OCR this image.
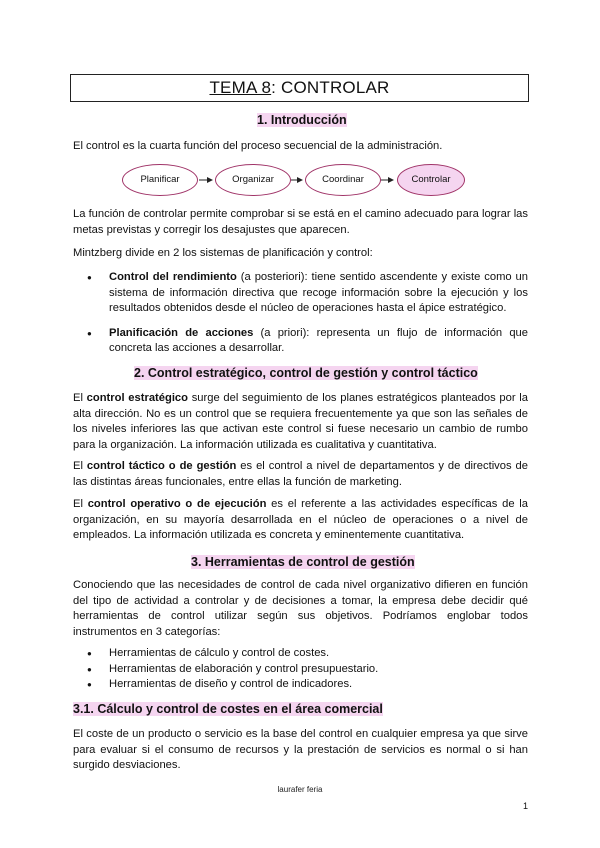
TEMA 8: CONTROLAR
1. Introducción
El control es la cuarta función del proceso secuencial de la administración.
Planificar	Organizar	Coordinar	Controlar
La función de controlar permite comprobar si se está en el camino adecuado para lograr las metas previstas y corregir los desajustes que aparecen.
Mintzberg divide en 2 los sistemas de planificación y control:
● Control del rendimiento (a posteriori): tiene sentido ascendente y existe como un sistema de información directiva que recoge información sobre la ejecución y los resultados obtenidos desde el núcleo de operaciones hasta el ápice estratégico.
● Planificación de acciones (a priori): representa un flujo de información que concreta las acciones a desarrollar.
2. Control estratégico, control de gestión y control táctico
El control estratégico surge del seguimiento de los planes estratégicos planteados por la alta dirección. No es un control que se requiera frecuentemente ya que son las señales de los niveles inferiores las que activan este control si fuese necesario un cambio de rumbo para la organización. La información utilizada es cualitativa y cuantitativa.
El control táctico o de gestión es el control a nivel de departamentos y de directivos de las distintas áreas funcionales, entre ellas la función de marketing.
El control operativo o de ejecución es el referente a las actividades específicas de la organización, en su mayoría desarrollada en el núcleo de operaciones o a nivel de empleados. La información utilizada es concreta y eminentemente cuantitativa.
3. Herramientas de control de gestión
Conociendo que las necesidades de control de cada nivel organizativo difieren en función del tipo de actividad a controlar y de decisiones a tomar, la empresa debe decidir qué herramientas de control utilizar según sus objetivos. Podríamos englobar todos instrumentos en 3 categorías:
● Herramientas de cálculo y control de costes.
● Herramientas de elaboración y control presupuestario.
● Herramientas de diseño y control de indicadores.
3.1. Cálculo y control de costes en el área comercial
El coste de un producto o servicio es la base del control en cualquier empresa ya que sirve para evaluar si el consumo de recursos y la prestación de servicios es normal o si han surgido desviaciones.
laurafer feria
1
